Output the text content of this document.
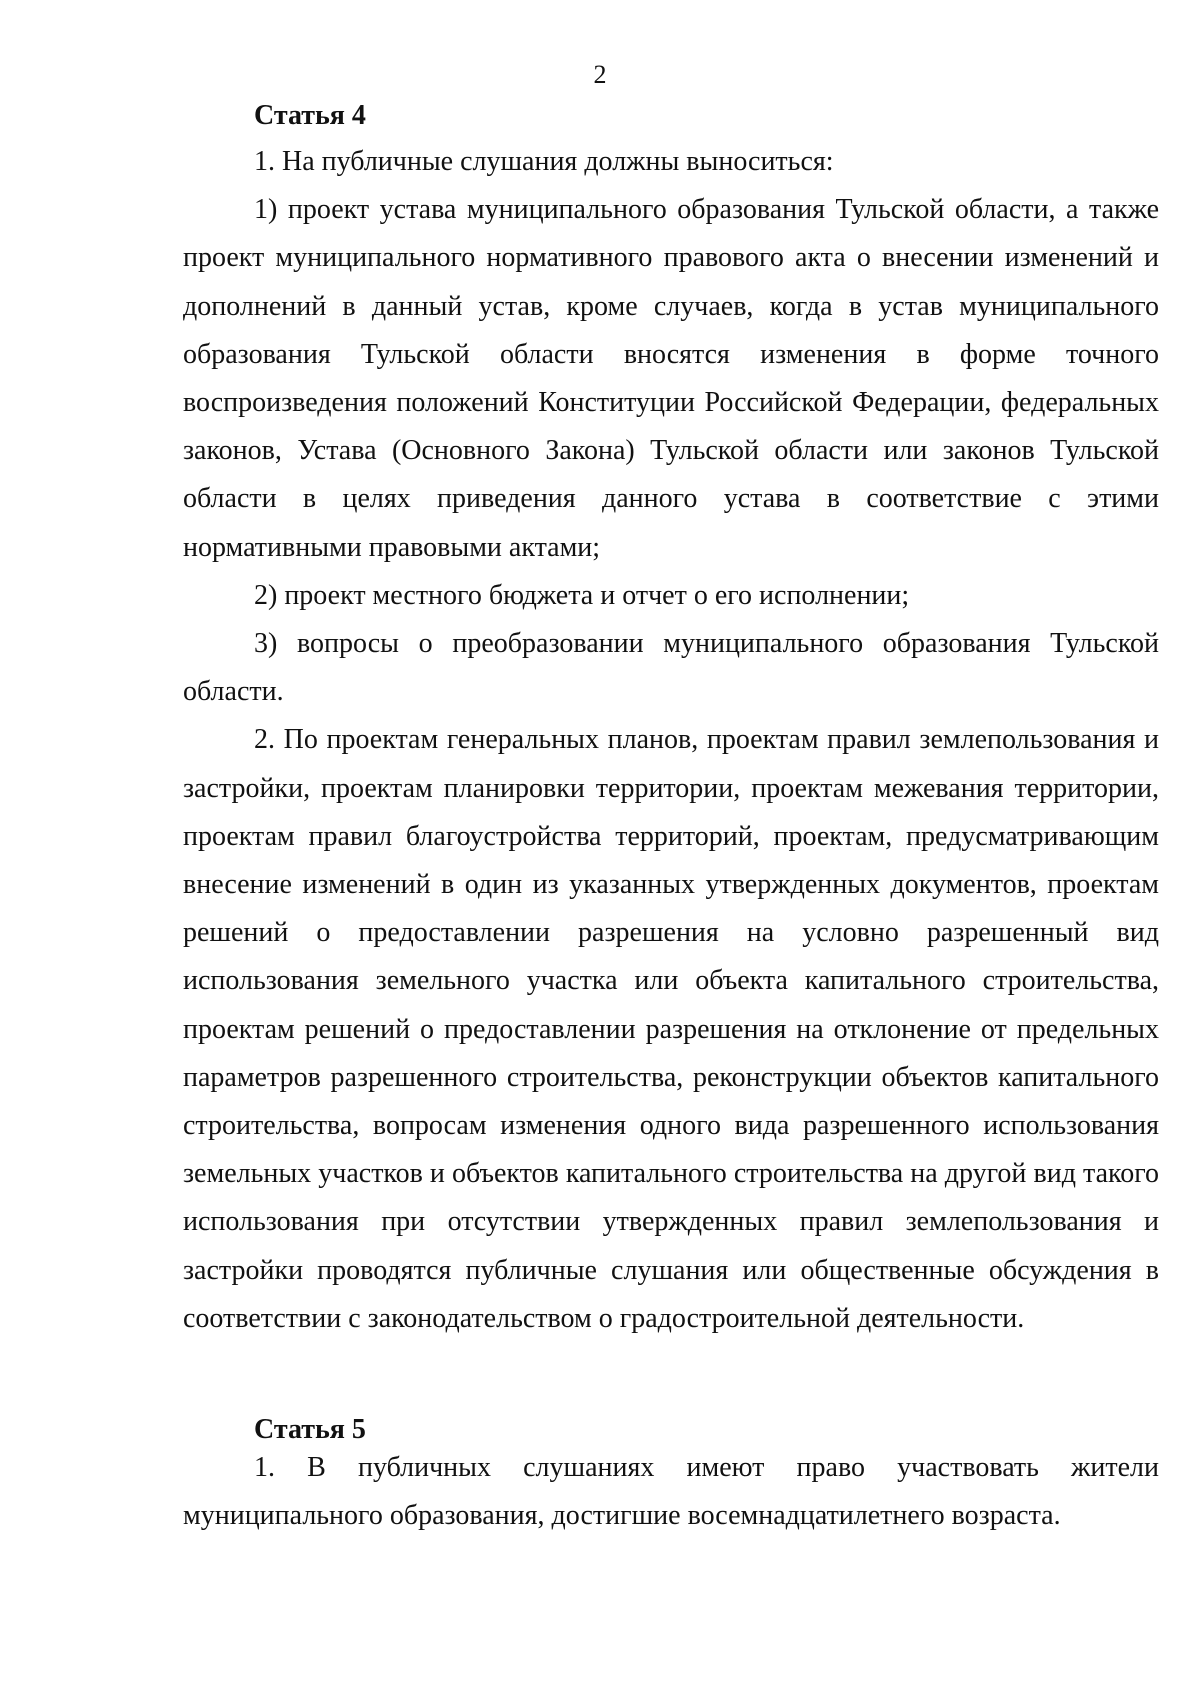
2
Статья 4

1. На публичные слушания должны выноситься:

1) проект устава муниципального образования Тульской области, а также проект муниципального нормативного правового акта о внесении изменений и дополнений в данный устав, кроме случаев, когда в устав муниципального образования Тульской области вносятся изменения в форме точного воспроизведения положений Конституции Российской Федерации, федеральных законов, Устава (Основного Закона) Тульской области или законов Тульской области в целях приведения данного устава в соответствие с этими нормативными правовыми актами;

2) проект местного бюджета и отчет о его исполнении;

3) вопросы о преобразовании муниципального образования Тульской области.

2. По проектам генеральных планов, проектам правил землепользования и застройки, проектам планировки территории, проектам межевания территории, проектам правил благоустройства территорий, проектам, предусматривающим внесение изменений в один из указанных утвержденных документов, проектам решений о предоставлении разрешения на условно разрешенный вид использования земельного участка или объекта капитального строительства, проектам решений о предоставлении разрешения на отклонение от предельных параметров разрешенного строительства, реконструкции объектов капитального строительства, вопросам изменения одного вида разрешенного использования земельных участков и объектов капитального строительства на другой вид такого использования при отсутствии утвержденных правил землепользования и застройки проводятся публичные слушания или общественные обсуждения в соответствии с законодательством о градостроительной деятельности.

Статья 5

1. В публичных слушаниях имеют право участвовать жители муниципального образования, достигшие восемнадцатилетнего возраста.
